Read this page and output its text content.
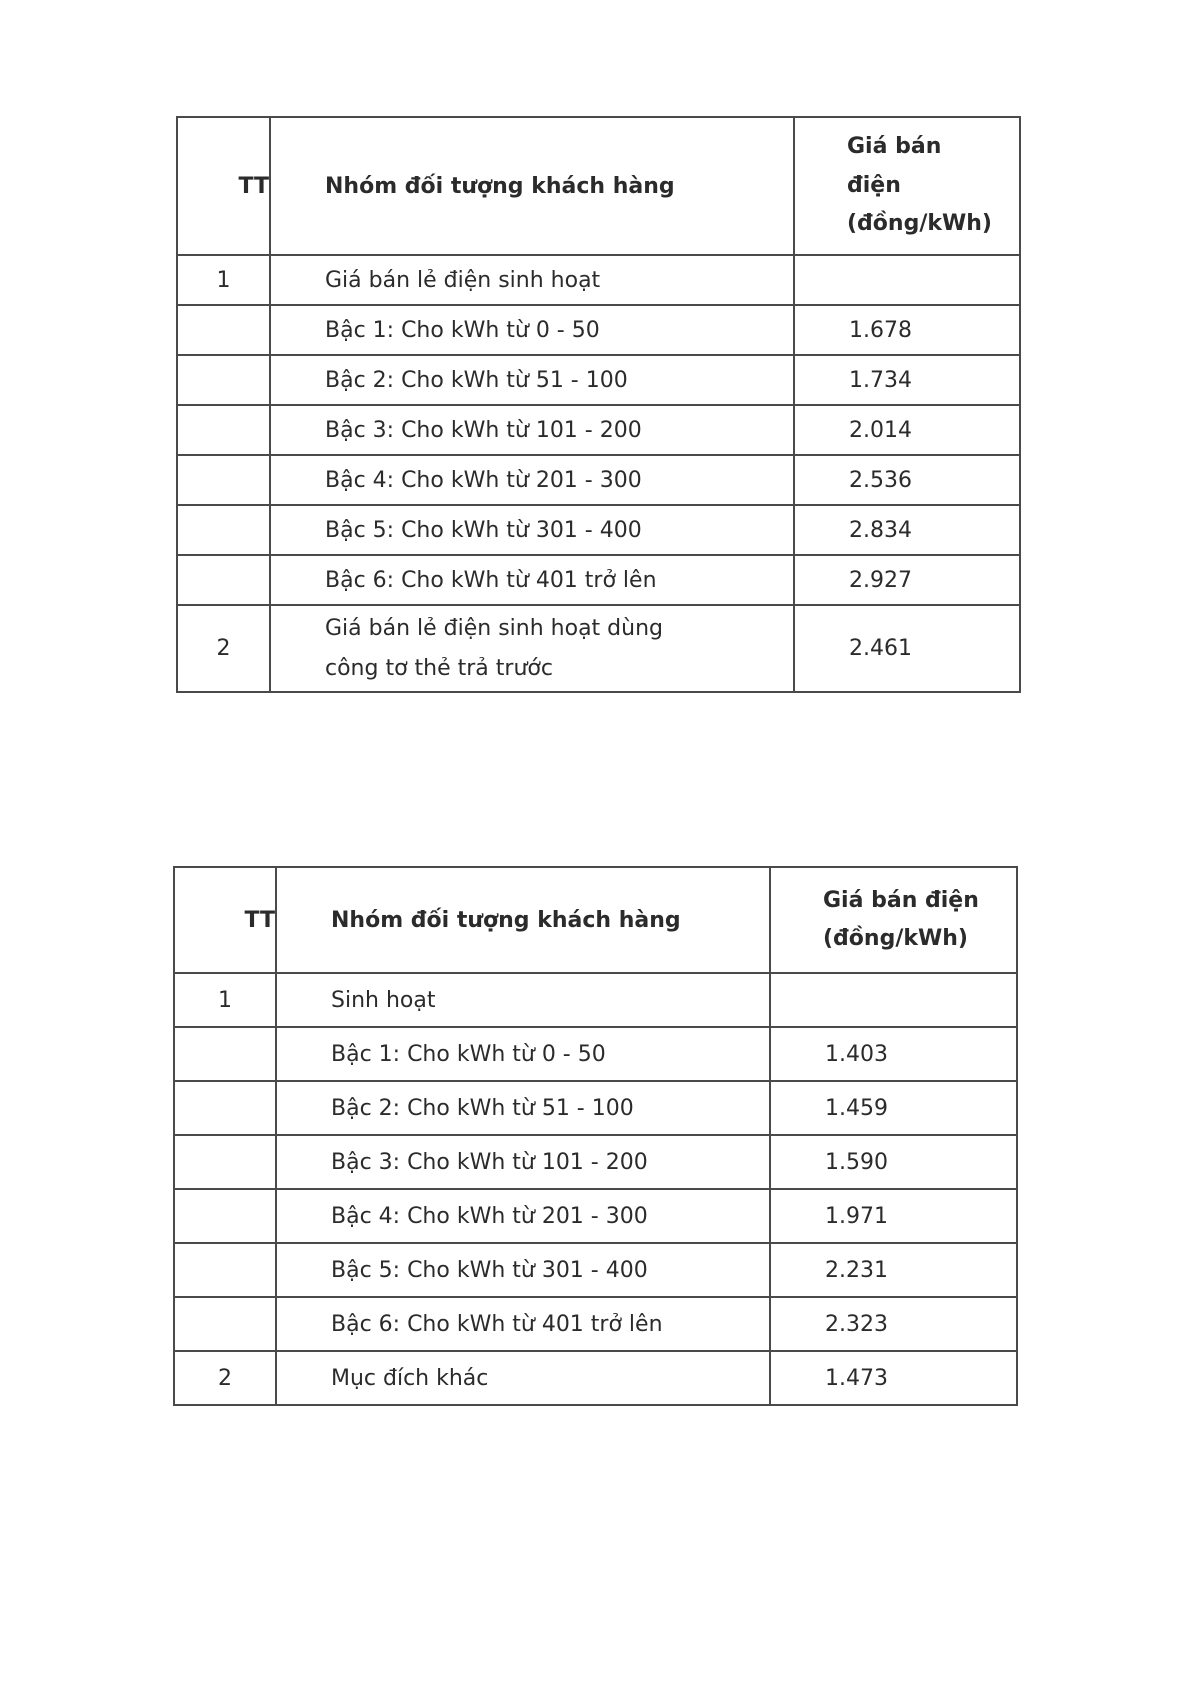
TT	Nhóm đối tượng khách hàng	Giá bán
điện
(đồng/kWh)

1	Giá bán lẻ điện sinh hoạt	
	Bậc 1: Cho kWh từ 0 - 50	1.678
	Bậc 2: Cho kWh từ 51 - 100	1.734
	Bậc 3: Cho kWh từ 101 - 200	2.014
	Bậc 4: Cho kWh từ 201 - 300	2.536
	Bậc 5: Cho kWh từ 301 - 400	2.834
	Bậc 6: Cho kWh từ 401 trở lên	2.927
2	Giá bán lẻ điện sinh hoạt dùng
công tơ thẻ trả trước	2.461
TT	Nhóm đối tượng khách hàng	Giá bán điện
(đồng/kWh)

1	Sinh hoạt	
	Bậc 1: Cho kWh từ 0 - 50	1.403
	Bậc 2: Cho kWh từ 51 - 100	1.459
	Bậc 3: Cho kWh từ 101 - 200	1.590
	Bậc 4: Cho kWh từ 201 - 300	1.971
	Bậc 5: Cho kWh từ 301 - 400	2.231
	Bậc 6: Cho kWh từ 401 trở lên	2.323
2	Mục đích khác	1.473
